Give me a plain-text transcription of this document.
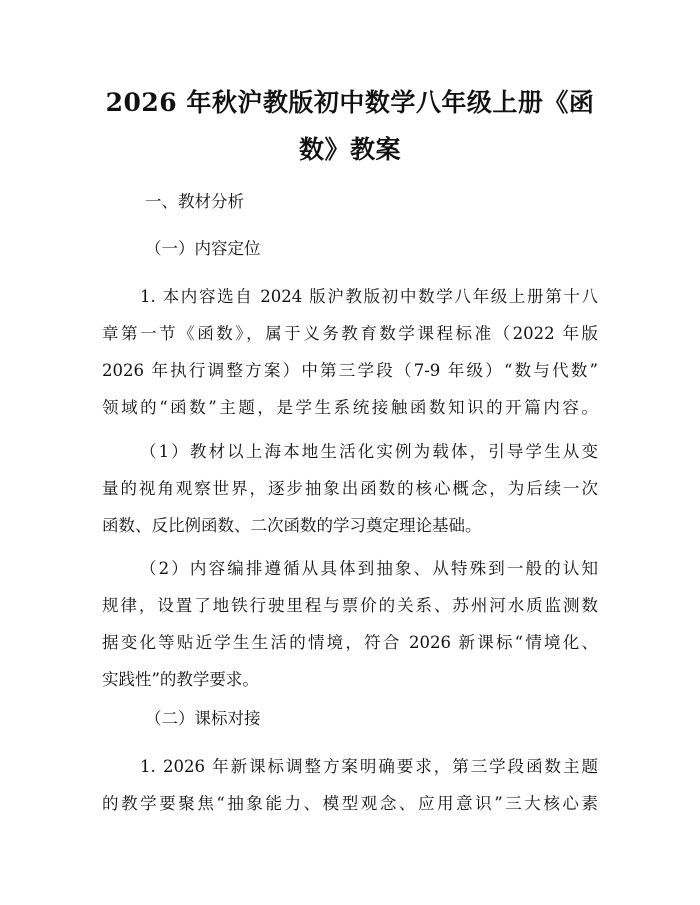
2026 年秋沪教版初中数学八年级上册《函
数》教案

一、教材分析

（一）内容定位

1. 本内容选自 2024 版沪教版初中数学八年级上册第十八
章第一节《函数》，属于义务教育数学课程标准（2022 年版
2026 年执行调整方案）中第三学段（7-9 年级）“数与代数”
领域的“函数”主题，是学生系统接触函数知识的开篇内容。
（1）教材以上海本地生活化实例为载体，引导学生从变
量的视角观察世界，逐步抽象出函数的核心概念，为后续一次
函数、反比例函数、二次函数的学习奠定理论基础。
（2）内容编排遵循从具体到抽象、从特殊到一般的认知
规律，设置了地铁行驶里程与票价的关系、苏州河水质监测数
据变化等贴近学生生活的情境，符合 2026 新课标“情境化、
实践性”的教学要求。

（二）课标对接

1. 2026 年新课标调整方案明确要求，第三学段函数主题
的教学要聚焦“抽象能力、模型观念、应用意识”三大核心素
